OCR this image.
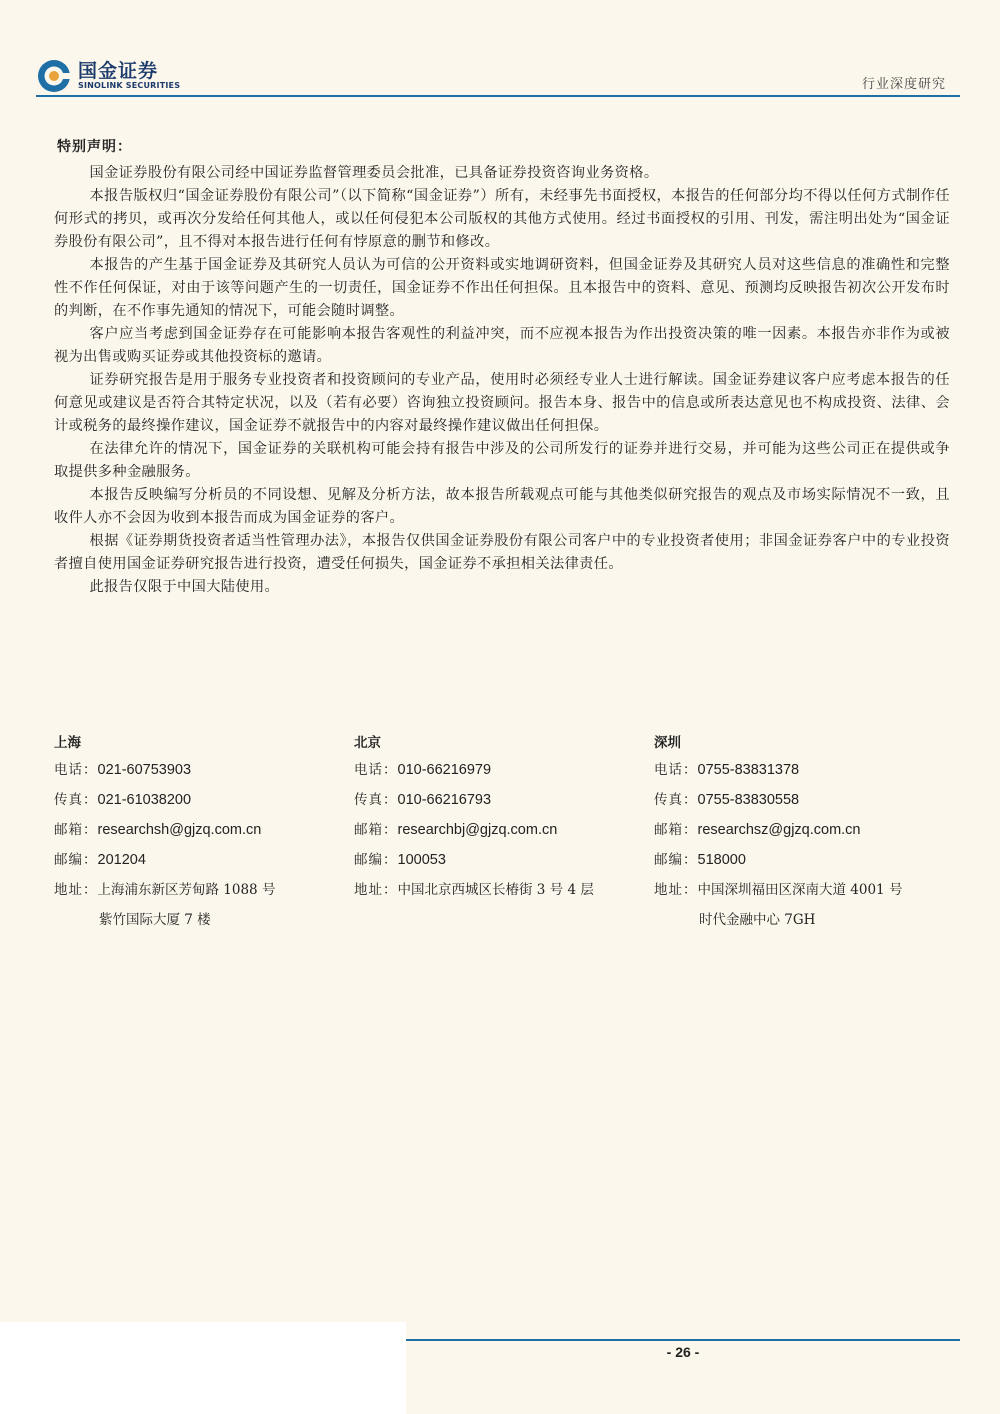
国金证券
SINOLINK SECURITIES	行业深度研究
特别声明：

国金证券股份有限公司经中国证券监督管理委员会批准，已具备证券投资咨询业务资格。

本报告版权归“国金证券股份有限公司”（以下简称“国金证券”）所有，未经事先书面授权，本报告的任何部分均不得以任何方式制作任何形式的拷贝，或再次分发给任何其他人，或以任何侵犯本公司版权的其他方式使用。经过书面授权的引用、刊发，需注明出处为“国金证券股份有限公司”，且不得对本报告进行任何有悖原意的删节和修改。

本报告的产生基于国金证券及其研究人员认为可信的公开资料或实地调研资料，但国金证券及其研究人员对这些信息的准确性和完整性不作任何保证，对由于该等问题产生的一切责任，国金证券不作出任何担保。且本报告中的资料、意见、预测均反映报告初次公开发布时的判断，在不作事先通知的情况下，可能会随时调整。

客户应当考虑到国金证券存在可能影响本报告客观性的利益冲突，而不应视本报告为作出投资决策的唯一因素。本报告亦非作为或被视为出售或购买证券或其他投资标的邀请。

证券研究报告是用于服务专业投资者和投资顾问的专业产品，使用时必须经专业人士进行解读。国金证券建议客户应考虑本报告的任何意见或建议是否符合其特定状况，以及（若有必要）咨询独立投资顾问。报告本身、报告中的信息或所表达意见也不构成投资、法律、会计或税务的最终操作建议，国金证券不就报告中的内容对最终操作建议做出任何担保。

在法律允许的情况下，国金证券的关联机构可能会持有报告中涉及的公司所发行的证券并进行交易，并可能为这些公司正在提供或争取提供多种金融服务。

本报告反映编写分析员的不同设想、见解及分析方法，故本报告所载观点可能与其他类似研究报告的观点及市场实际情况不一致，且收件人亦不会因为收到本报告而成为国金证券的客户。

根据《证券期货投资者适当性管理办法》，本报告仅供国金证券股份有限公司客户中的专业投资者使用；非国金证券客户中的专业投资者擅自使用国金证券研究报告进行投资，遭受任何损失，国金证券不承担相关法律责任。

此报告仅限于中国大陆使用。

上海
电话：021-60753903
传真：021-61038200
邮箱：researchsh@gjzq.com.cn
邮编：201204
地址：上海浦东新区芳甸路 1088 号
紫竹国际大厦 7 楼
北京
电话：010-66216979
传真：010-66216793
邮箱：researchbj@gjzq.com.cn
邮编：100053
地址：中国北京西城区长椿街 3 号 4 层
深圳
电话：0755-83831378
传真：0755-83830558
邮箱：researchsz@gjzq.com.cn
邮编：518000
地址：中国深圳福田区深南大道 4001 号
时代金融中心 7GH
- 26 -
